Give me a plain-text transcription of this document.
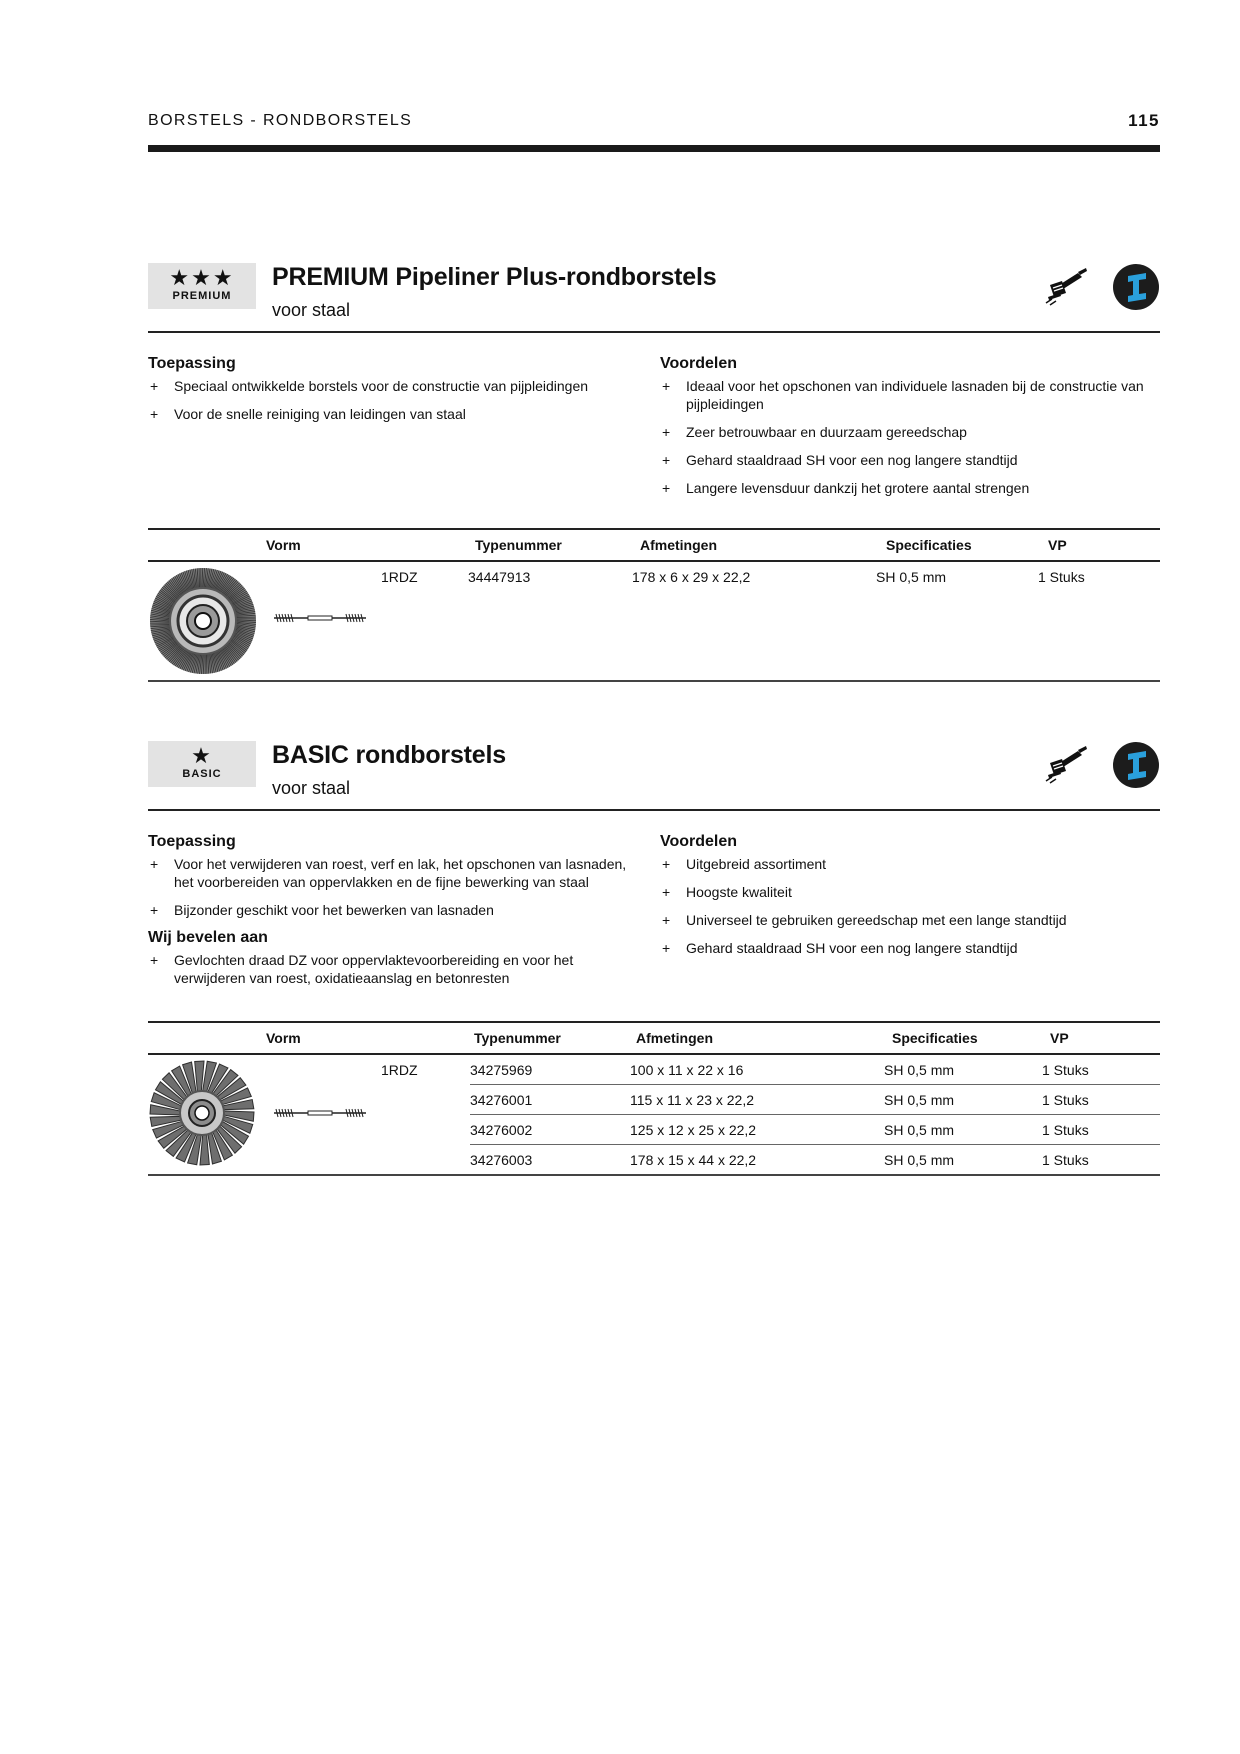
BORSTELS - RONDBORSTELS	115
★★★
PREMIUM
PREMIUM Pipeliner Plus-rondborstels
voor staal
Toepassing
+ Speciaal ontwikkelde borstels voor de constructie van pijpleidingen
+ Voor de snelle reiniging van leidingen van staal
Voordelen
+ Ideaal voor het opschonen van individuele lasnaden bij de constructie van pijpleidingen
+ Zeer betrouwbaar en duurzaam gereedschap
+ Gehard staaldraad SH voor een nog langere standtijd
+ Langere levensduur dankzij het grotere aantal strengen
Vorm	Typenummer	Afmetingen	Specificaties	VP
1RDZ	34447913	178 x 6 x 29 x 22,2	SH 0,5 mm	1 Stuks
★
BASIC
BASIC rondborstels
voor staal
Toepassing
+ Voor het verwijderen van roest, verf en lak, het opschonen van lasnaden, het voorbereiden van oppervlakken en de fijne bewerking van staal
+ Bijzonder geschikt voor het bewerken van lasnaden
Wij bevelen aan
+ Gevlochten draad DZ voor oppervlaktevoorbereiding en voor het verwijderen van roest, oxidatieaanslag en betonresten
Voordelen
+ Uitgebreid assortiment
+ Hoogste kwaliteit
+ Universeel te gebruiken gereedschap met een lange standtijd
+ Gehard staaldraad SH voor een nog langere standtijd
Vorm	Typenummer	Afmetingen	Specificaties	VP
1RDZ	34275969	100 x 11 x 22 x 16	SH 0,5 mm	1 Stuks
34276001	115 x 11 x 23 x 22,2	SH 0,5 mm	1 Stuks
34276002	125 x 12 x 25 x 22,2	SH 0,5 mm	1 Stuks
34276003	178 x 15 x 44 x 22,2	SH 0,5 mm	1 Stuks
